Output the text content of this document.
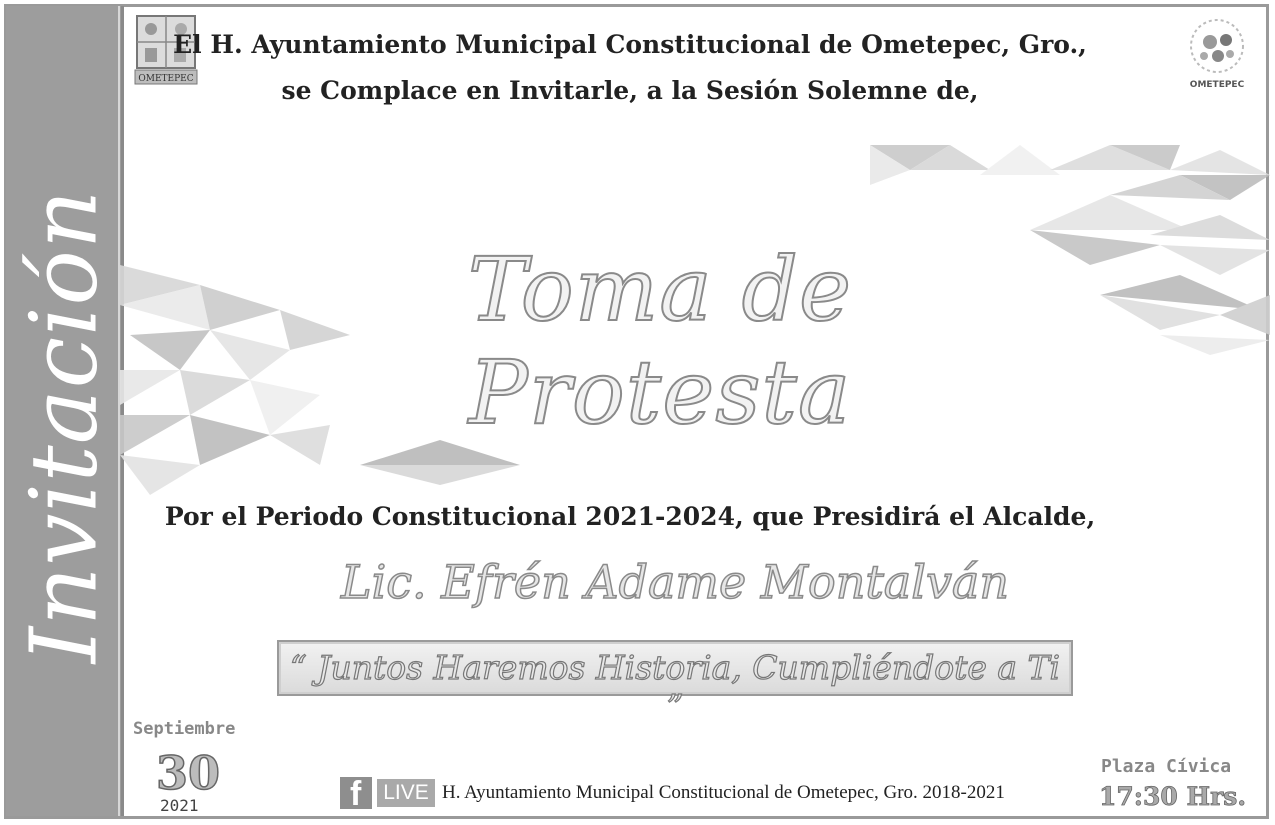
Invitación
OMETEPEC
OMETEPEC
El H. Ayuntamiento Municipal Constitucional de Ometepec, Gro.,
se Complace en Invitarle, a la Sesión Solemne de,
Toma de Protesta
Por el Periodo Constitucional 2021-2024, que Presidirá el Alcalde,
Lic. Efrén Adame Montalván
“ Juntos Haremos Historia, Cumpliéndote a Ti ”
Septiembre
30
2021	f LIVE H. Ayuntamiento Municipal Constitucional de Ometepec, Gro. 2018-2021
Plaza Cívica
17:30 Hrs.
